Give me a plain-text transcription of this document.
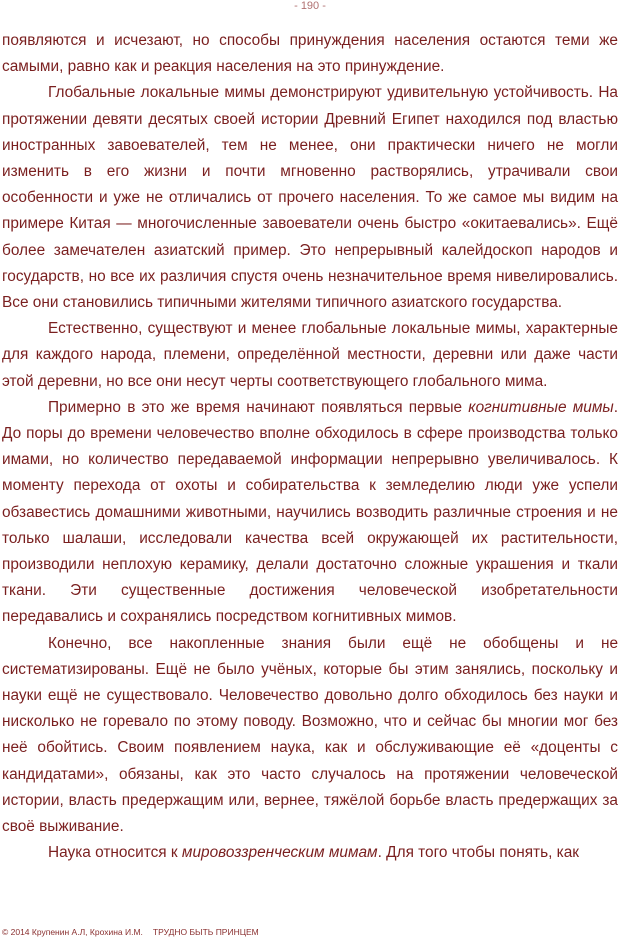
- 190 -

появляются и исчезают, но способы принуждения населения остаются теми же самыми, равно как и реакция населения на это принуждение.

Глобальные локальные мимы демонстрируют удивительную устойчивость. На протяжении девяти десятых своей истории Древний Египет находился под властью иностранных завоевателей, тем не менее, они практически ничего не могли изменить в его жизни и почти мгновенно растворялись, утрачивали свои особенности и уже не отличались от прочего населения. То же самое мы видим на примере Китая — многочисленные завоеватели очень быстро «окитаевались». Ещё более замечателен азиатский пример. Это непрерывный калейдоскоп народов и государств, но все их различия спустя очень незначительное время нивелировались. Все они становились типичными жителями типичного азиатского государства.

Естественно, существуют и менее глобальные локальные мимы, характерные для каждого народа, племени, определённой местности, деревни или даже части этой деревни, но все они несут черты соответствующего глобального мима.

Примерно в это же время начинают появляться первые когнитивные мимы. До поры до времени человечество вполне обходилось в сфере производства только имами, но количество передаваемой информации непрерывно увеличивалось. К моменту перехода от охоты и собирательства к земледелию люди уже успели обзавестись домашними животными, научились возводить различные строения и не только шалаши, исследовали качества всей окружающей их растительности, производили неплохую керамику, делали достаточно сложные украшения и ткали ткани. Эти существенные достижения человеческой изобретательности передавались и сохранялись посредством когнитивных мимов.

Конечно, все накопленные знания были ещё не обобщены и не систематизированы. Ещё не было учёных, которые бы этим занялись, поскольку и науки ещё не существовало. Человечество довольно долго обходилось без науки и нисколько не горевало по этому поводу. Возможно, что и сейчас бы многии мог без неё обойтись. Своим появлением наука, как и обслуживающие её «доценты с кандидатами», обязаны, как это часто случалось на протяжении человеческой истории, власть предержащим или, вернее, тяжёлой борьбе власть предержащих за своё выживание.

Наука относится к мировоззренческим мимам. Для того чтобы понять, как

© 2014 Крупенин А.Л, Крохина И.М. ТРУДНО БЫТЬ ПРИНЦЕМ
